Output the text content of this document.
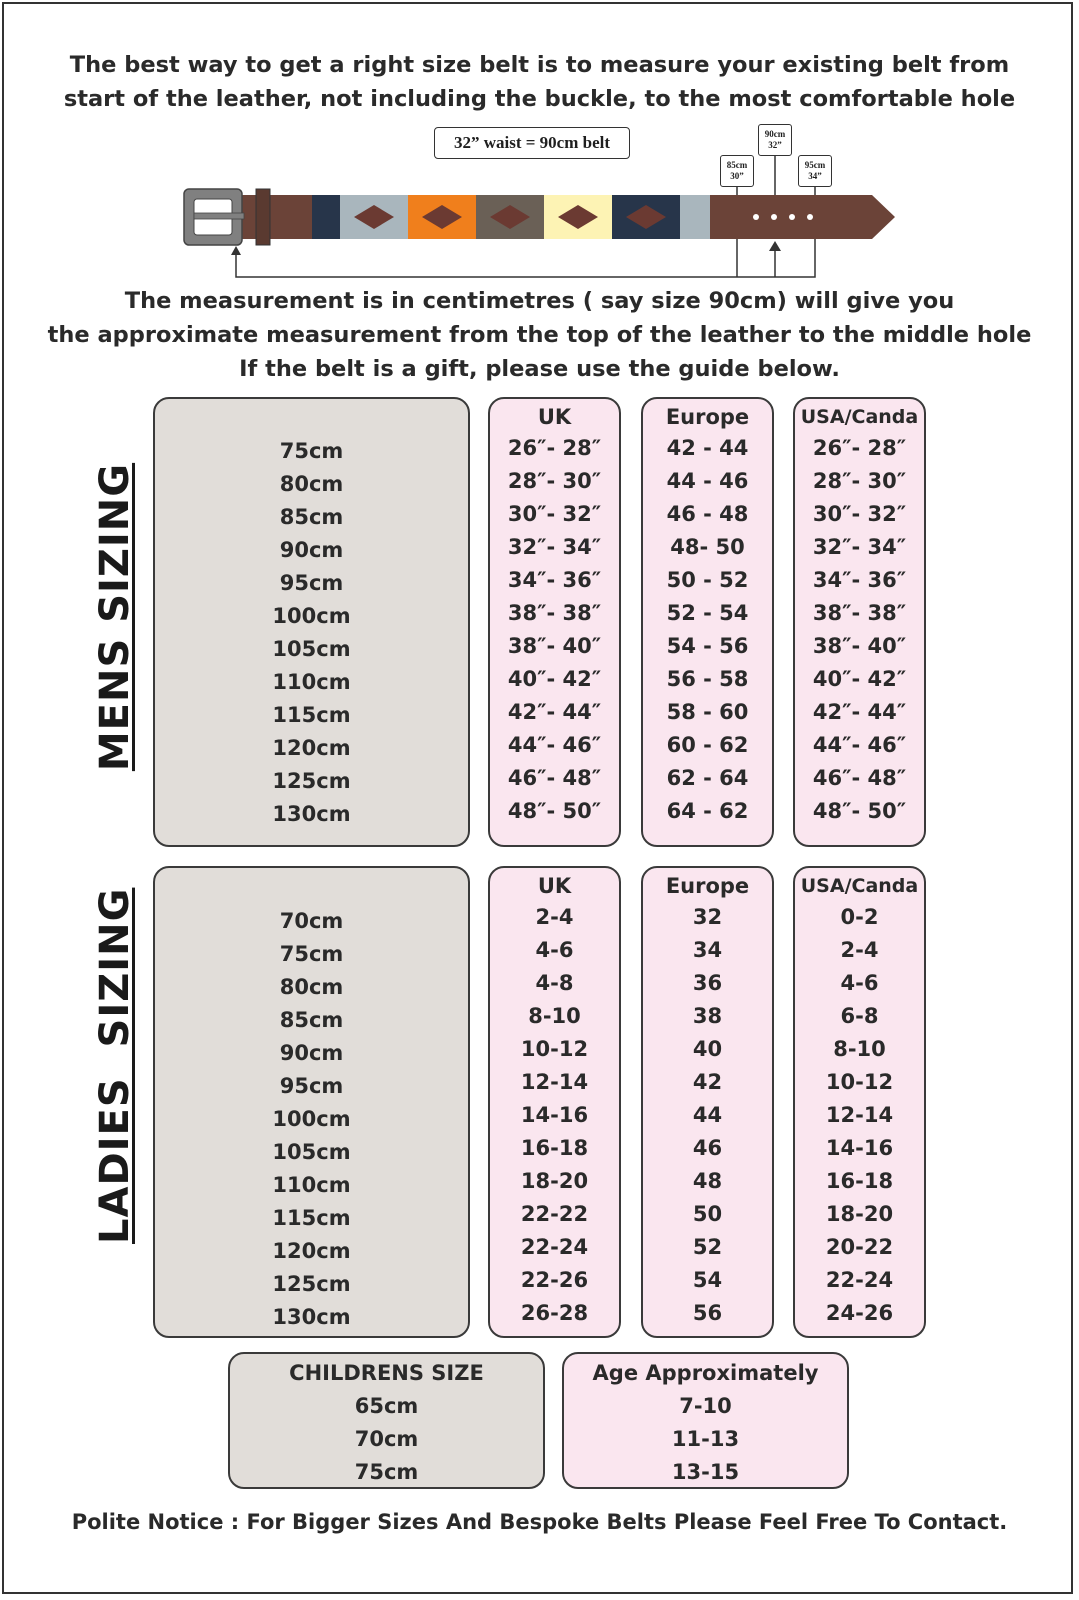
The best way to get a right size belt is to measure your existing belt from
start of the leather, not including the buckle, to the most comfortable hole
32” waist = 90cm belt
85cm
30”
90cm
32”
95cm
34”
The measurement is in centimetres ( say size 90cm) will give you
the approximate measurement from the top of the leather to the middle hole
If the belt is a gift, please use the guide below.
MENS SIZING
75cm
80cm
85cm
90cm
95cm
100cm
105cm
110cm
115cm
120cm
125cm
130cm
UK
26″- 28″
28″- 30″
30″- 32″
32″- 34″
34″- 36″
38″- 38″
38″- 40″
40″- 42″
42″- 44″
44″- 46″
46″- 48″
48″- 50″
Europe
42 - 44
44 - 46
46 - 48
48- 50
50 - 52
52 - 54
54 - 56
56 - 58
58 - 60
60 - 62
62 - 64
64 - 62
USA/Canda
26″- 28″
28″- 30″
30″- 32″
32″- 34″
34″- 36″
38″- 38″
38″- 40″
40″- 42″
42″- 44″
44″- 46″
46″- 48″
48″- 50″
LADIES  SIZING	70cm
75cm
80cm
85cm
90cm
95cm
100cm
105cm
110cm
115cm
120cm
125cm
130cm
UK
2-4
4-6
4-8
8-10
10-12
12-14
14-16
16-18
18-20
22-22
22-24
22-26
26-28
Europe
32
34
36
38
40
42
44
46
48
50
52
54
56
USA/Canda
0-2
2-4
4-6
6-8
8-10
10-12
12-14
14-16
16-18
18-20
20-22
22-24
24-26
CHILDRENS SIZE
65cm
70cm
75cm
Age Approximately
7-10
11-13
13-15
Polite Notice : For Bigger Sizes And Bespoke Belts Please Feel Free To Contact.
